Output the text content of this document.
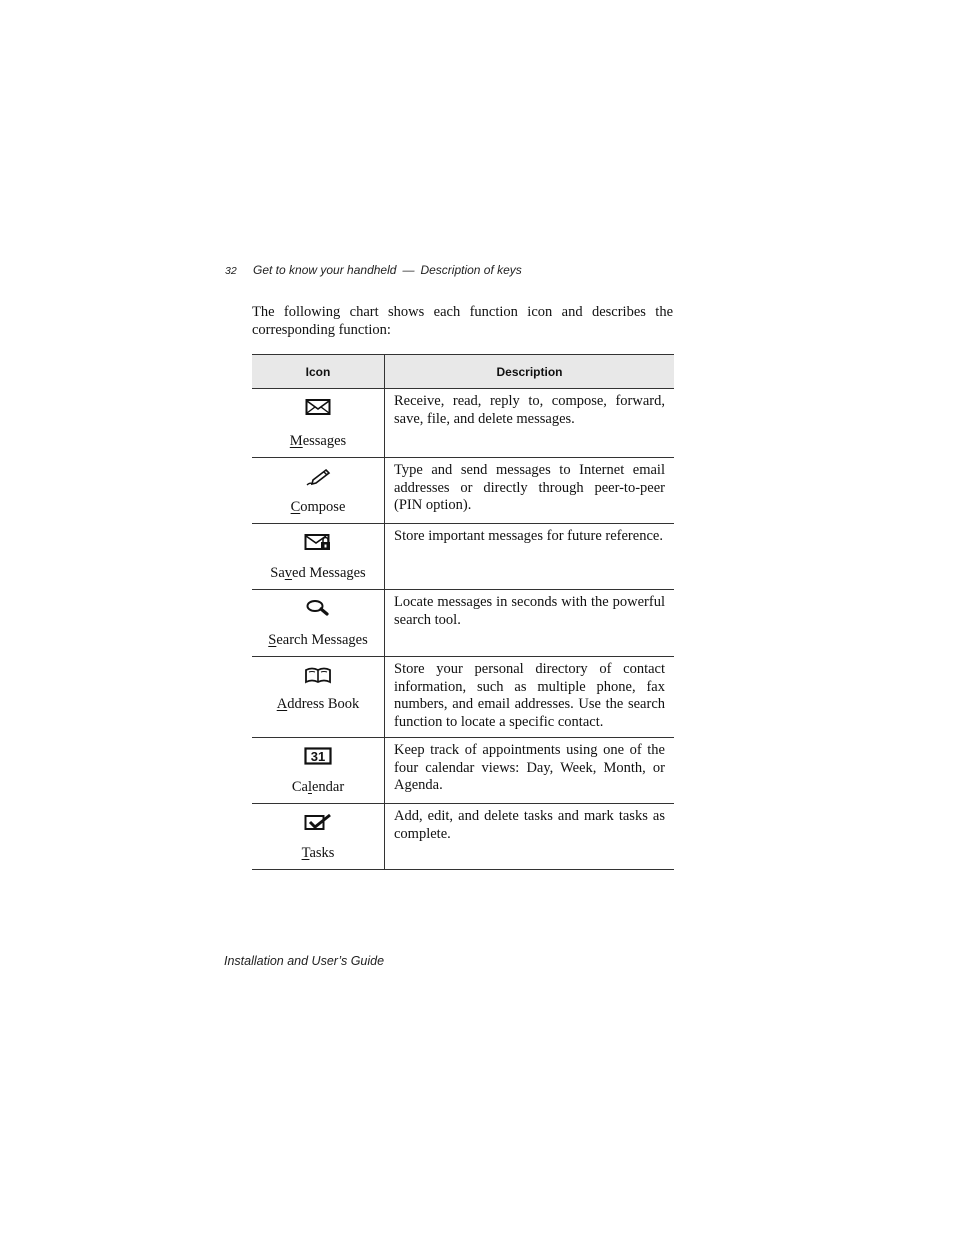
32 Get to know your handheld — Description of keys

The following chart shows each function icon and describes the corresponding function:

Icon	Description

Messages	Receive, read, reply to, compose, forward, save, file, and delete messages.

Compose	Type and send messages to Internet email addresses or directly through peer-to-peer (PIN option).

Saved Messages	Store important messages for future reference.

Search Messages	Locate messages in seconds with the powerful search tool.

Address Book	Store your personal directory of contact information, such as multiple phone, fax numbers, and email addresses. Use the search function to locate a specific contact.

31
Calendar	Keep track of appointments using one of the four calendar views: Day, Week, Month, or Agenda.

Tasks	Add, edit, and delete tasks and mark tasks as complete.
Installation and User’s Guide
